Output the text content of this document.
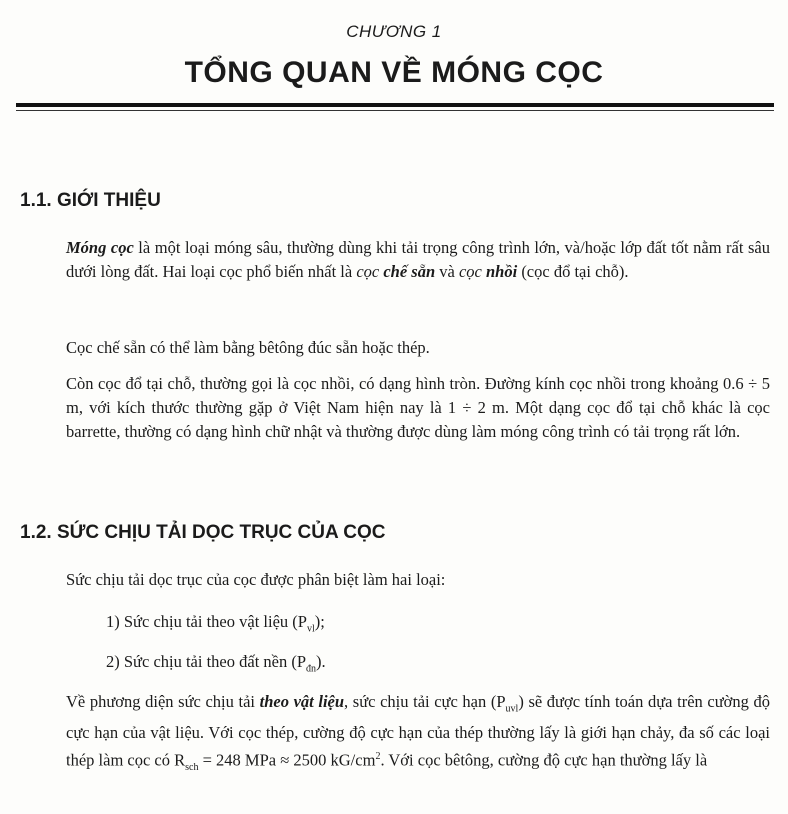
CHƯƠNG 1
TỔNG QUAN VỀ MÓNG CỌC
1.1. GIỚI THIỆU

Móng cọc là một loại móng sâu, thường dùng khi tải trọng công trình lớn, và/hoặc lớp đất tốt nằm rất sâu dưới lòng đất. Hai loại cọc phổ biến nhất là cọc chế sẵn và cọc nhồi (cọc đổ tại chỗ).

Cọc chế sẵn có thể làm bằng bêtông đúc sẵn hoặc thép.

Còn cọc đổ tại chỗ, thường gọi là cọc nhồi, có dạng hình tròn. Đường kính cọc nhồi trong khoảng 0.6 ÷ 5 m, với kích thước thường gặp ở Việt Nam hiện nay là 1 ÷ 2 m. Một dạng cọc đổ tại chỗ khác là cọc barrette, thường có dạng hình chữ nhật và thường được dùng làm móng công trình có tải trọng rất lớn.

1.2. SỨC CHỊU TẢI DỌC TRỤC CỦA CỌC

Sức chịu tải dọc trục của cọc được phân biệt làm hai loại:

1) Sức chịu tải theo vật liệu $(P_{vl})$;

2) Sức chịu tải theo đất nền $(P_{đn})$.

Về phương diện sức chịu tải theo vật liệu, sức chịu tải cực hạn $(P_{uvl})$ sẽ được tính toán dựa trên cường độ cực hạn của vật liệu. Với cọc thép, cường độ cực hạn của thép thường lấy là giới hạn chảy, đa số các loại thép làm cọc có $R_{sch} = 248$ MPa ≈ 2500 $kG/cm^2$. Với cọc bêtông, cường độ cực hạn thường lấy là
